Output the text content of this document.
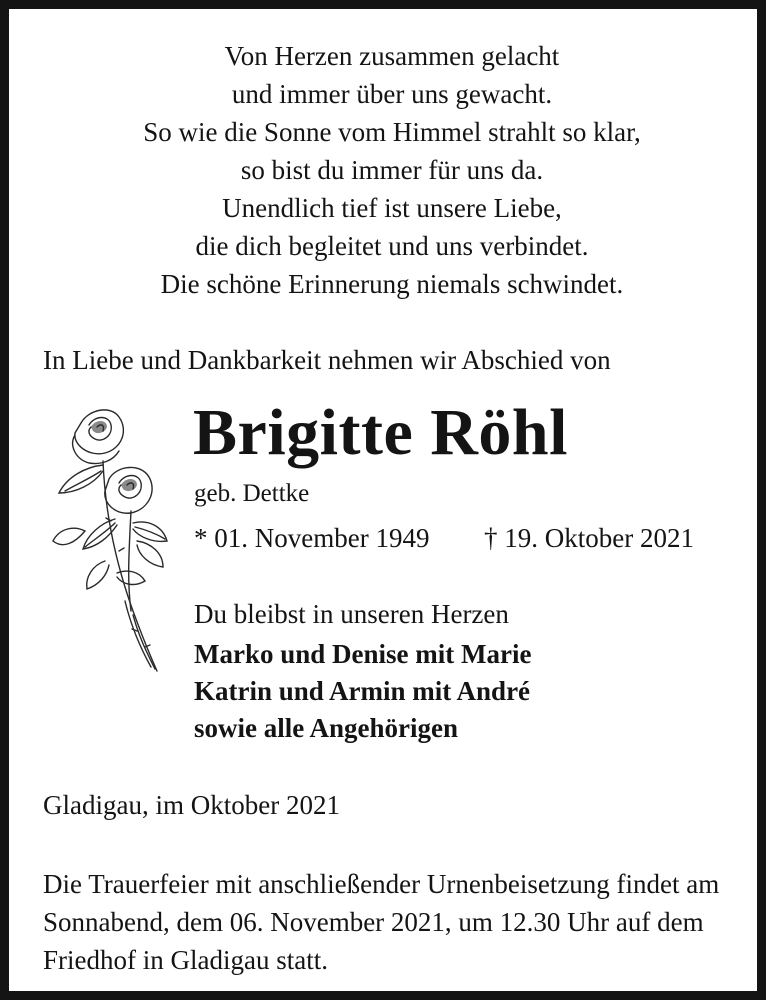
Von Herzen zusammen gelacht
und immer über uns gewacht.
So wie die Sonne vom Himmel strahlt so klar,
so bist du immer für uns da.
Unendlich tief ist unsere Liebe,
die dich begleitet und uns verbindet.
Die schöne Erinnerung niemals schwindet.
In Liebe und Dankbarkeit nehmen wir Abschied von
Brigitte Röhl
geb. Dettke
* 01. November 1949 † 19. Oktober 2021
Du bleibst in unseren Herzen
Marko und Denise mit Marie
Katrin und Armin mit André
sowie alle Angehörigen
Gladigau, im Oktober 2021
Die Trauerfeier mit anschließender Urnenbeisetzung findet am Sonnabend, dem 06. November 2021, um 12.30 Uhr auf dem Friedhof in Gladigau statt.
